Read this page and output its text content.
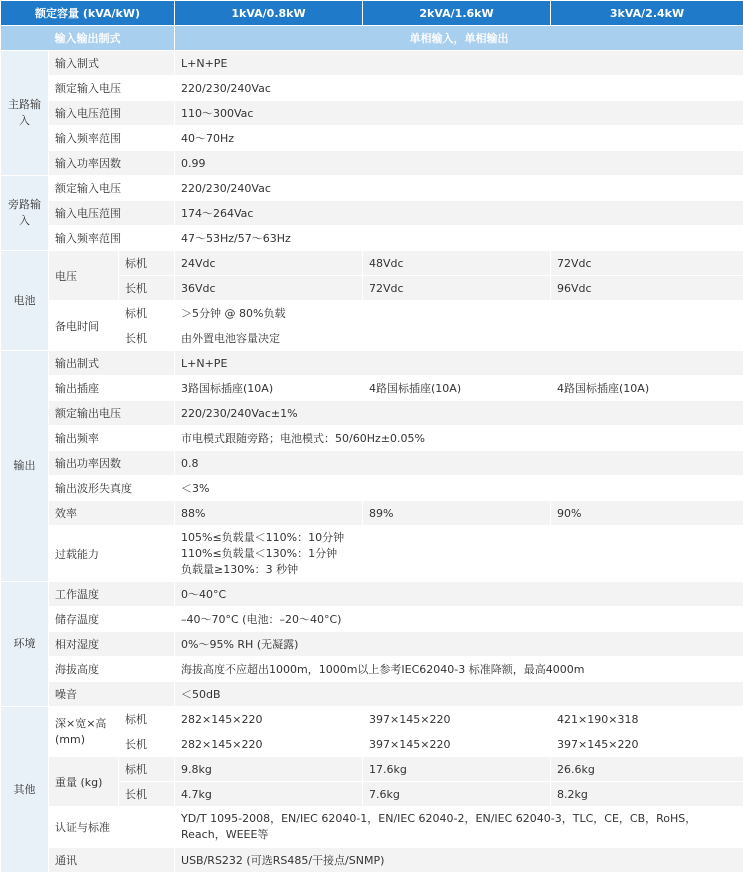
额定容量 (kVA/kW)			1kVA/0.8kW	2kVA/1.6kW	3kVA/2.4kW
输入输出制式			单相输入，单相输出		
主路输入	输入制式		L+N+PE		
	额定输入电压		220/230/240Vac		
	输入电压范围		110～300Vac		
	输入频率范围		40～70Hz		
	输入功率因数		0.99		
旁路输入	额定输入电压		220/230/240Vac		
	输入电压范围		174～264Vac		
	输入频率范围		47～53Hz/57～63Hz		
电池	电压	标机	24Vdc	48Vdc	72Vdc
		长机	36Vdc	72Vdc	96Vdc
	备电时间	标机	＞5分钟 @ 80%负载		
		长机	由外置电池容量决定		
输出	输出制式		L+N+PE		
	输出插座		3路国标插座(10A)	4路国标插座(10A)	4路国标插座(10A)
	额定输出电压		220/230/240Vac±1%		
	输出频率		市电模式跟随旁路；电池模式：50/60Hz±0.05%		
	输出功率因数		0.8		
	输出波形失真度		＜3%		
	效率		88%	89%	90%
	过载能力		105%≤负载量＜110%：10分钟
110%≤负载量＜130%：1分钟
负载量≥130%：3 秒钟		

环境	工作温度		0～40°C		
	储存温度		–40～70°C (电池：–20～40°C)		
	相对湿度		0%～95% RH (无凝露)		
	海拔高度		海拔高度不应超出1000m，1000m以上参考IEC62040-3 标准降额，最高4000m		
	噪音		＜50dB		
其他	深×宽×高 (mm)	标机	282×145×220	397×145×220	421×190×318
		长机	282×145×220	397×145×220	397×145×220
	重量 (kg)	标机	9.8kg	17.6kg	26.6kg
		长机	4.7kg	7.6kg	8.2kg
	认证与标准		YD/T 1095-2008，EN/IEC 62040-1，EN/IEC 62040-2，EN/IEC 62040-3，TLC，CE，CB，RoHS，Reach，WEEE等		
	通讯		USB/RS232 (可选RS485/干接点/SNMP)		
